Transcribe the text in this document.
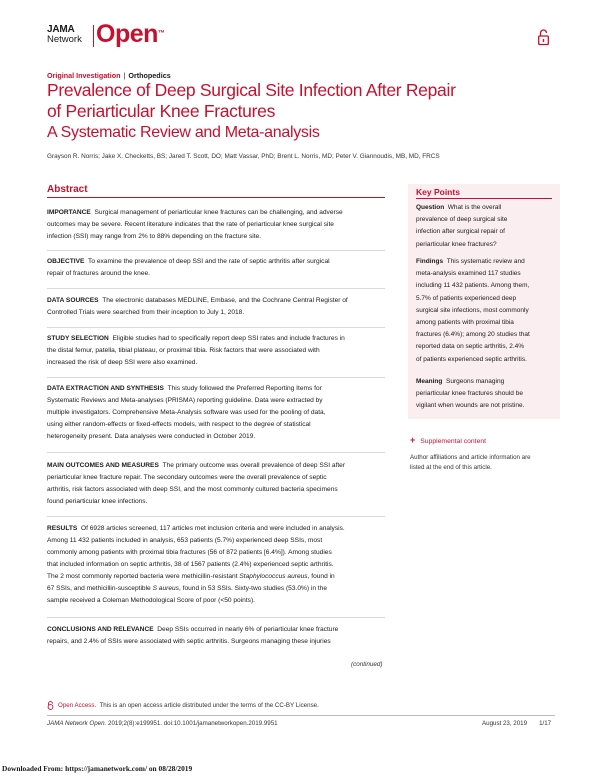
JAMA
Network Open™
Original Investigation | Orthopedics
Prevalence of Deep Surgical Site Infection After Repair
of Periarticular Knee Fractures
A Systematic Review and Meta-analysis
Grayson R. Norris; Jake X. Checketts, BS; Jared T. Scott, DO; Matt Vassar, PhD; Brent L. Norris, MD; Peter V. Giannoudis, MB, MD, FRCS
Abstract
IMPORTANCE Surgical management of periarticular knee fractures can be challenging, and adverse
outcomes may be severe. Recent literature indicates that the rate of periarticular knee surgical site
infection (SSI) may range from 2% to 88% depending on the fracture site.
OBJECTIVE To examine the prevalence of deep SSI and the rate of septic arthritis after surgical
repair of fractures around the knee.
DATA SOURCES The electronic databases MEDLINE, Embase, and the Cochrane Central Register of
Controlled Trials were searched from their inception to July 1, 2018.
STUDY SELECTION Eligible studies had to specifically report deep SSI rates and include fractures in
the distal femur, patella, tibial plateau, or proximal tibia. Risk factors that were associated with
increased the risk of deep SSI were also examined.
DATA EXTRACTION AND SYNTHESIS This study followed the Preferred Reporting Items for
Systematic Reviews and Meta-analyses (PRISMA) reporting guideline. Data were extracted by
multiple investigators. Comprehensive Meta-Analysis software was used for the pooling of data,
using either random-effects or fixed-effects models, with respect to the degree of statistical
heterogeneity present. Data analyses were conducted in October 2019.
MAIN OUTCOMES AND MEASURES The primary outcome was overall prevalence of deep SSI after
periarticular knee fracture repair. The secondary outcomes were the overall prevalence of septic
arthritis, risk factors associated with deep SSI, and the most commonly cultured bacteria specimens
found periarticular knee infections.
RESULTS Of 6928 articles screened, 117 articles met inclusion criteria and were included in analysis.
Among 11 432 patients included in analysis, 653 patients (5.7%) experienced deep SSIs, most
commonly among patients with proximal tibia fractures (56 of 872 patients [6.4%]). Among studies
that included information on septic arthritis, 38 of 1567 patients (2.4%) experienced septic arthritis.
The 2 most commonly reported bacteria were methicillin-resistant Staphylococcus aureus, found in
67 SSIs, and methicillin-susceptible S aureus, found in 53 SSIs. Sixty-two studies (53.0%) in the
sample received a Coleman Methodological Score of poor (<50 points).
CONCLUSIONS AND RELEVANCE Deep SSIs occurred in nearly 6% of periarticular knee fracture
repairs, and 2.4% of SSIs were associated with septic arthritis. Surgeons managing these injuries
(continued)
Key Points
Question What is the overall
prevalence of deep surgical site
infection after surgical repair of
periarticular knee fractures?
Findings This systematic review and
meta-analysis examined 117 studies
including 11 432 patients. Among them,
5.7% of patients experienced deep
surgical site infections, most commonly
among patients with proximal tibia
fractures (6.4%); among 20 studies that
reported data on septic arthritis, 2.4%
of patients experienced septic arthritis.
Meaning Surgeons managing
periarticular knee fractures should be
vigilant when wounds are not pristine.
+ Supplemental content
Author affiliations and article information are
listed at the end of this article.
Open Access. This is an open access article distributed under the terms of the CC-BY License.
JAMA Network Open. 2019;2(8):e199951. doi:10.1001/jamanetworkopen.2019.9951	August 23, 2019 1/17
Downloaded From: https://jamanetwork.com/ on 08/28/2019
